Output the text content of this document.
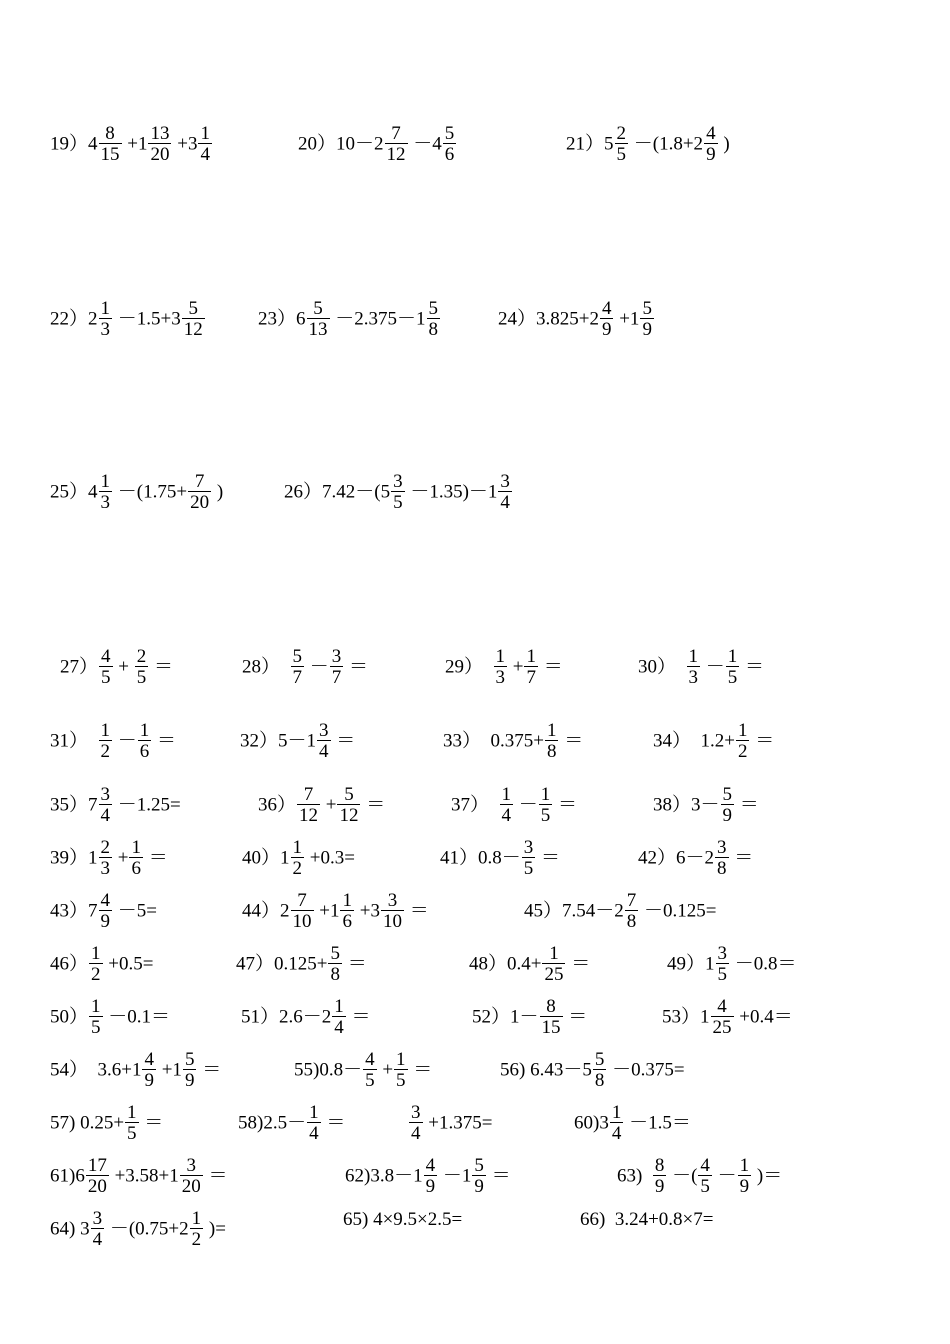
$19)4 \frac{8}{15} +1 \frac{13}{20} +3 \frac{1}{4}$	$20)10-2 \frac{7}{12} -4 \frac{5}{6}$	$21)5 \frac{2}{5} -(1.8+2 \frac{4}{9}$ )
$22)2 \frac{1}{3} -1.5+3 \frac{5}{12}$	$23)6 \frac{5}{13} -2.375-1 \frac{5}{8}$	$24)3.825+2 \frac{4}{9} +1 \frac{5}{9}$
$25)4 \frac{1}{3} -(1.75+ \frac{7}{20}$ )	$26)7.42-(5 \frac{3}{5} -1.35)-1 \frac{3}{4}$
$27) \frac{4}{5} + \frac{2}{5}$ ＝	$28) \frac{5}{7} - \frac{3}{7}$ ＝	$29) \frac{1}{3} + \frac{1}{7}$ ＝	$30) \frac{1}{3} - \frac{1}{5}$ ＝
$31) \frac{1}{2} - \frac{1}{6}$ ＝	$32)5-1 \frac{3}{4}$ ＝	33）  $0.375+ \frac{1}{8}$ ＝	34）  $1.2+ \frac{1}{2}$ ＝
$35)7 \frac{3}{4} -1.25=$	$36) \frac{7}{12} + \frac{5}{12}$ ＝	$37) \frac{1}{4} - \frac{1}{5}$ ＝	$38)3- \frac{5}{9}$ ＝
$39)1 \frac{2}{3} + \frac{1}{6}$ ＝	$40)1 \frac{1}{2} +0.3=$	$41)0.8- \frac{3}{5}$ ＝	$42)6-2 \frac{3}{8}$ ＝
$43)7 \frac{4}{9} -5=$	$44)2 \frac{7}{10} +1 \frac{1}{6} +3 \frac{3}{10}$ ＝	$45)7.54-2 \frac{7}{8} -0.125=$
$46) \frac{1}{2} +0.5=$	$47)0.125+ \frac{5}{8}$ ＝	$48)0.4+ \frac{1}{25}$ ＝	$49)1 \frac{3}{5} -0.8=$
$50) \frac{1}{5} -0.1=$	$51)2.6-2 \frac{1}{4}$ ＝	$52)1- \frac{8}{15}$ ＝	$53)1 \frac{4}{25} +0.4=$
54）  $3.6+1 \frac{4}{9} +1 \frac{5}{9}$ ＝	$55)0.8- \frac{4}{5} + \frac{1}{5}$ ＝	56) $6.43-5 \frac{5}{8} -0.375=$
57) $0.25+ \frac{1}{5}$ ＝	$58)2.5- \frac{1}{4}$ ＝	$\frac{3}{4} +1.375=$	$60)3 \frac{1}{4} -1.5=$
$61)6 \frac{17}{20} +3.58+1 \frac{3}{20}$ ＝	$62)3.8-1 \frac{4}{9} -1 \frac{5}{9}$ ＝	$63) \frac{8}{9}$ －( $\frac{4}{5} - \frac{1}{9}$ )＝
64) $3 \frac{3}{4} -(0.75+2 \frac{1}{2}$ )=	65) 4×9.5×2.5=	66)  3.24+0.8×7=
